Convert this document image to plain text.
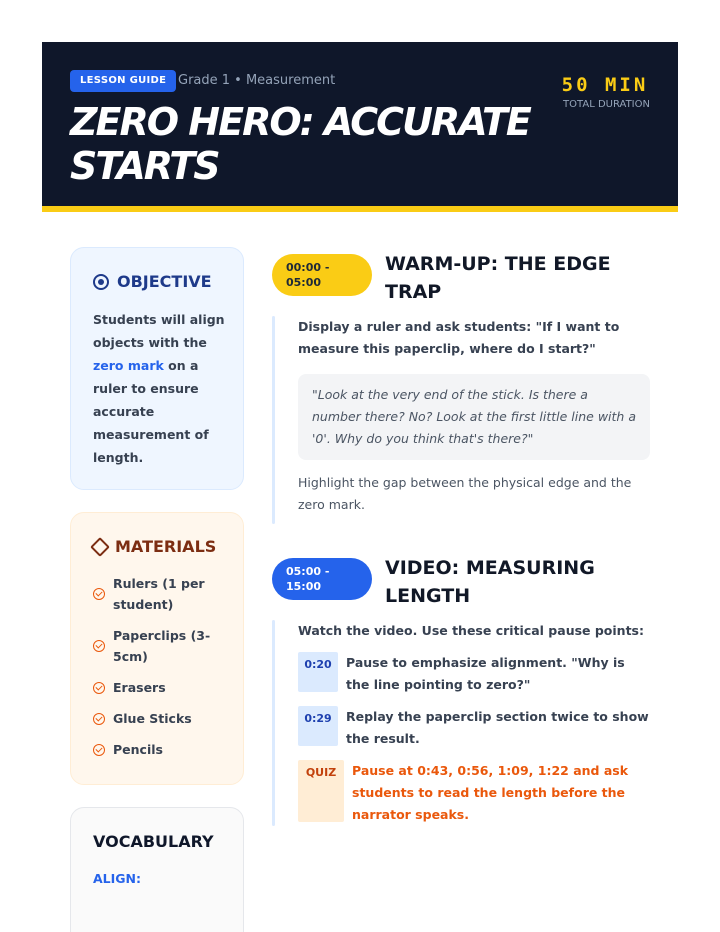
LESSON GUIDE Grade 1 • Measurement
ZERO HERO: ACCURATE STARTS
50 MIN
TOTAL DURATION
OBJECTIVE

Students will align objects with the zero mark on a ruler to ensure accurate measurement of length.

MATERIALS
Rulers (1 per student)
Paperclips (3-5cm)
Erasers
Glue Sticks
Pencils
VOCABULARY
ALIGN:
00:00 - 05:00
WARM-UP: THE EDGE TRAP

Display a ruler and ask students: "If I want to measure this paperclip, where do I start?"

"Look at the very end of the stick. Is there a number there? No? Look at the first little line with a '0'. Why do you think that's there?"

Highlight the gap between the physical edge and the zero mark.

05:00 - 15:00
VIDEO: MEASURING LENGTH

Watch the video. Use these critical pause points:

0:20	Pause to emphasize alignment. "Why is the line pointing to zero?"
0:29	Replay the paperclip section twice to show the result.
QUIZ	Pause at 0:43, 0:56, 1:09, 1:22 and ask students to read the length before the narrator speaks.
